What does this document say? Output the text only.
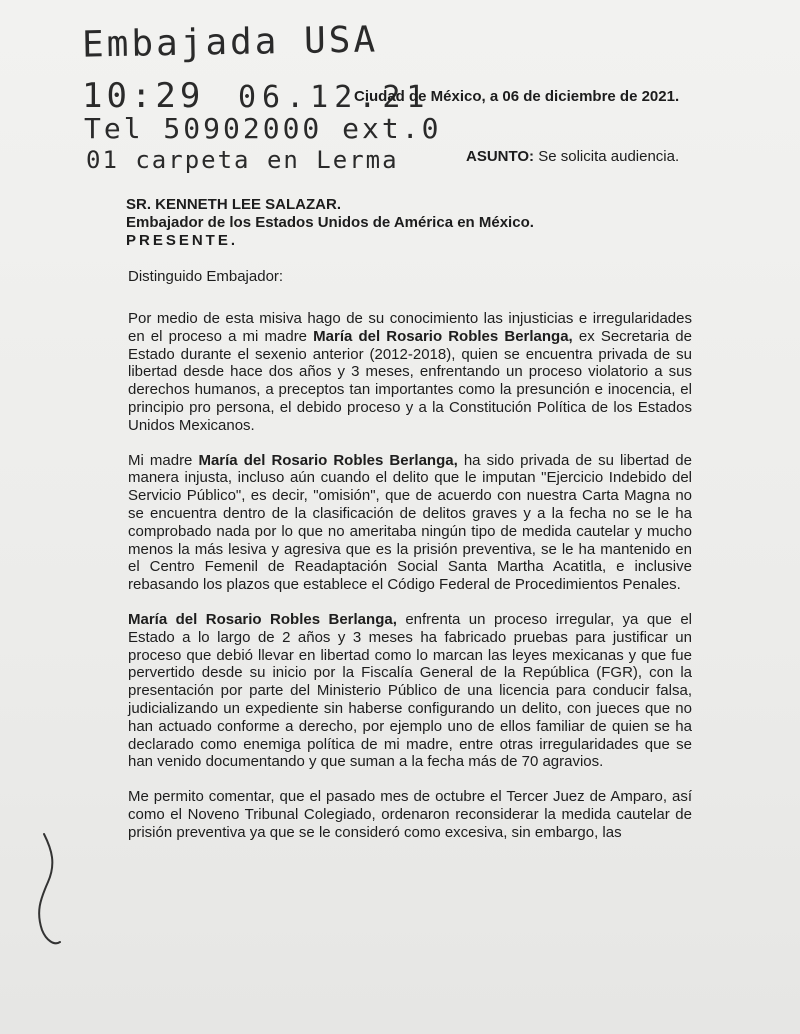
Embajada USA
10:29 06.12.21
Tel 50902000 ext.0
01 carpeta en Lerma
Ciudad de México, a 06 de diciembre de 2021.
ASUNTO: Se solicita audiencia.
SR. KENNETH LEE SALAZAR.
Embajador de los Estados Unidos de América en México.
PRESENTE.
Distinguido Embajador:

Por medio de esta misiva hago de su conocimiento las injusticias e irregularidades en el proceso a mi madre María del Rosario Robles Berlanga, ex Secretaria de Estado durante el sexenio anterior (2012-2018), quien se encuentra privada de su libertad desde hace dos años y 3 meses, enfrentando un proceso violatorio a sus derechos humanos, a preceptos tan importantes como la presunción e inocencia, el principio pro persona, el debido proceso y a la Constitución Política de los Estados Unidos Mexicanos.

Mi madre María del Rosario Robles Berlanga, ha sido privada de su libertad de manera injusta, incluso aún cuando el delito que le imputan "Ejercicio Indebido del Servicio Público", es decir, "omisión", que de acuerdo con nuestra Carta Magna no se encuentra dentro de la clasificación de delitos graves y a la fecha no se le ha comprobado nada por lo que no ameritaba ningún tipo de medida cautelar y mucho menos la más lesiva y agresiva que es la prisión preventiva, se le ha mantenido en el Centro Femenil de Readaptación Social Santa Martha Acatitla, e inclusive rebasando los plazos que establece el Código Federal de Procedimientos Penales.

María del Rosario Robles Berlanga, enfrenta un proceso irregular, ya que el Estado a lo largo de 2 años y 3 meses ha fabricado pruebas para justificar un proceso que debió llevar en libertad como lo marcan las leyes mexicanas y que fue pervertido desde su inicio por la Fiscalía General de la República (FGR), con la presentación por parte del Ministerio Público de una licencia para conducir falsa, judicializando un expediente sin haberse configurando un delito, con jueces que no han actuado conforme a derecho, por ejemplo uno de ellos familiar de quien se ha declarado como enemiga política de mi madre, entre otras irregularidades que se han venido documentando y que suman a la fecha más de 70 agravios.

Me permito comentar, que el pasado mes de octubre el Tercer Juez de Amparo, así como el Noveno Tribunal Colegiado, ordenaron reconsiderar la medida cautelar de prisión preventiva ya que se le consideró como excesiva, sin embargo, las
